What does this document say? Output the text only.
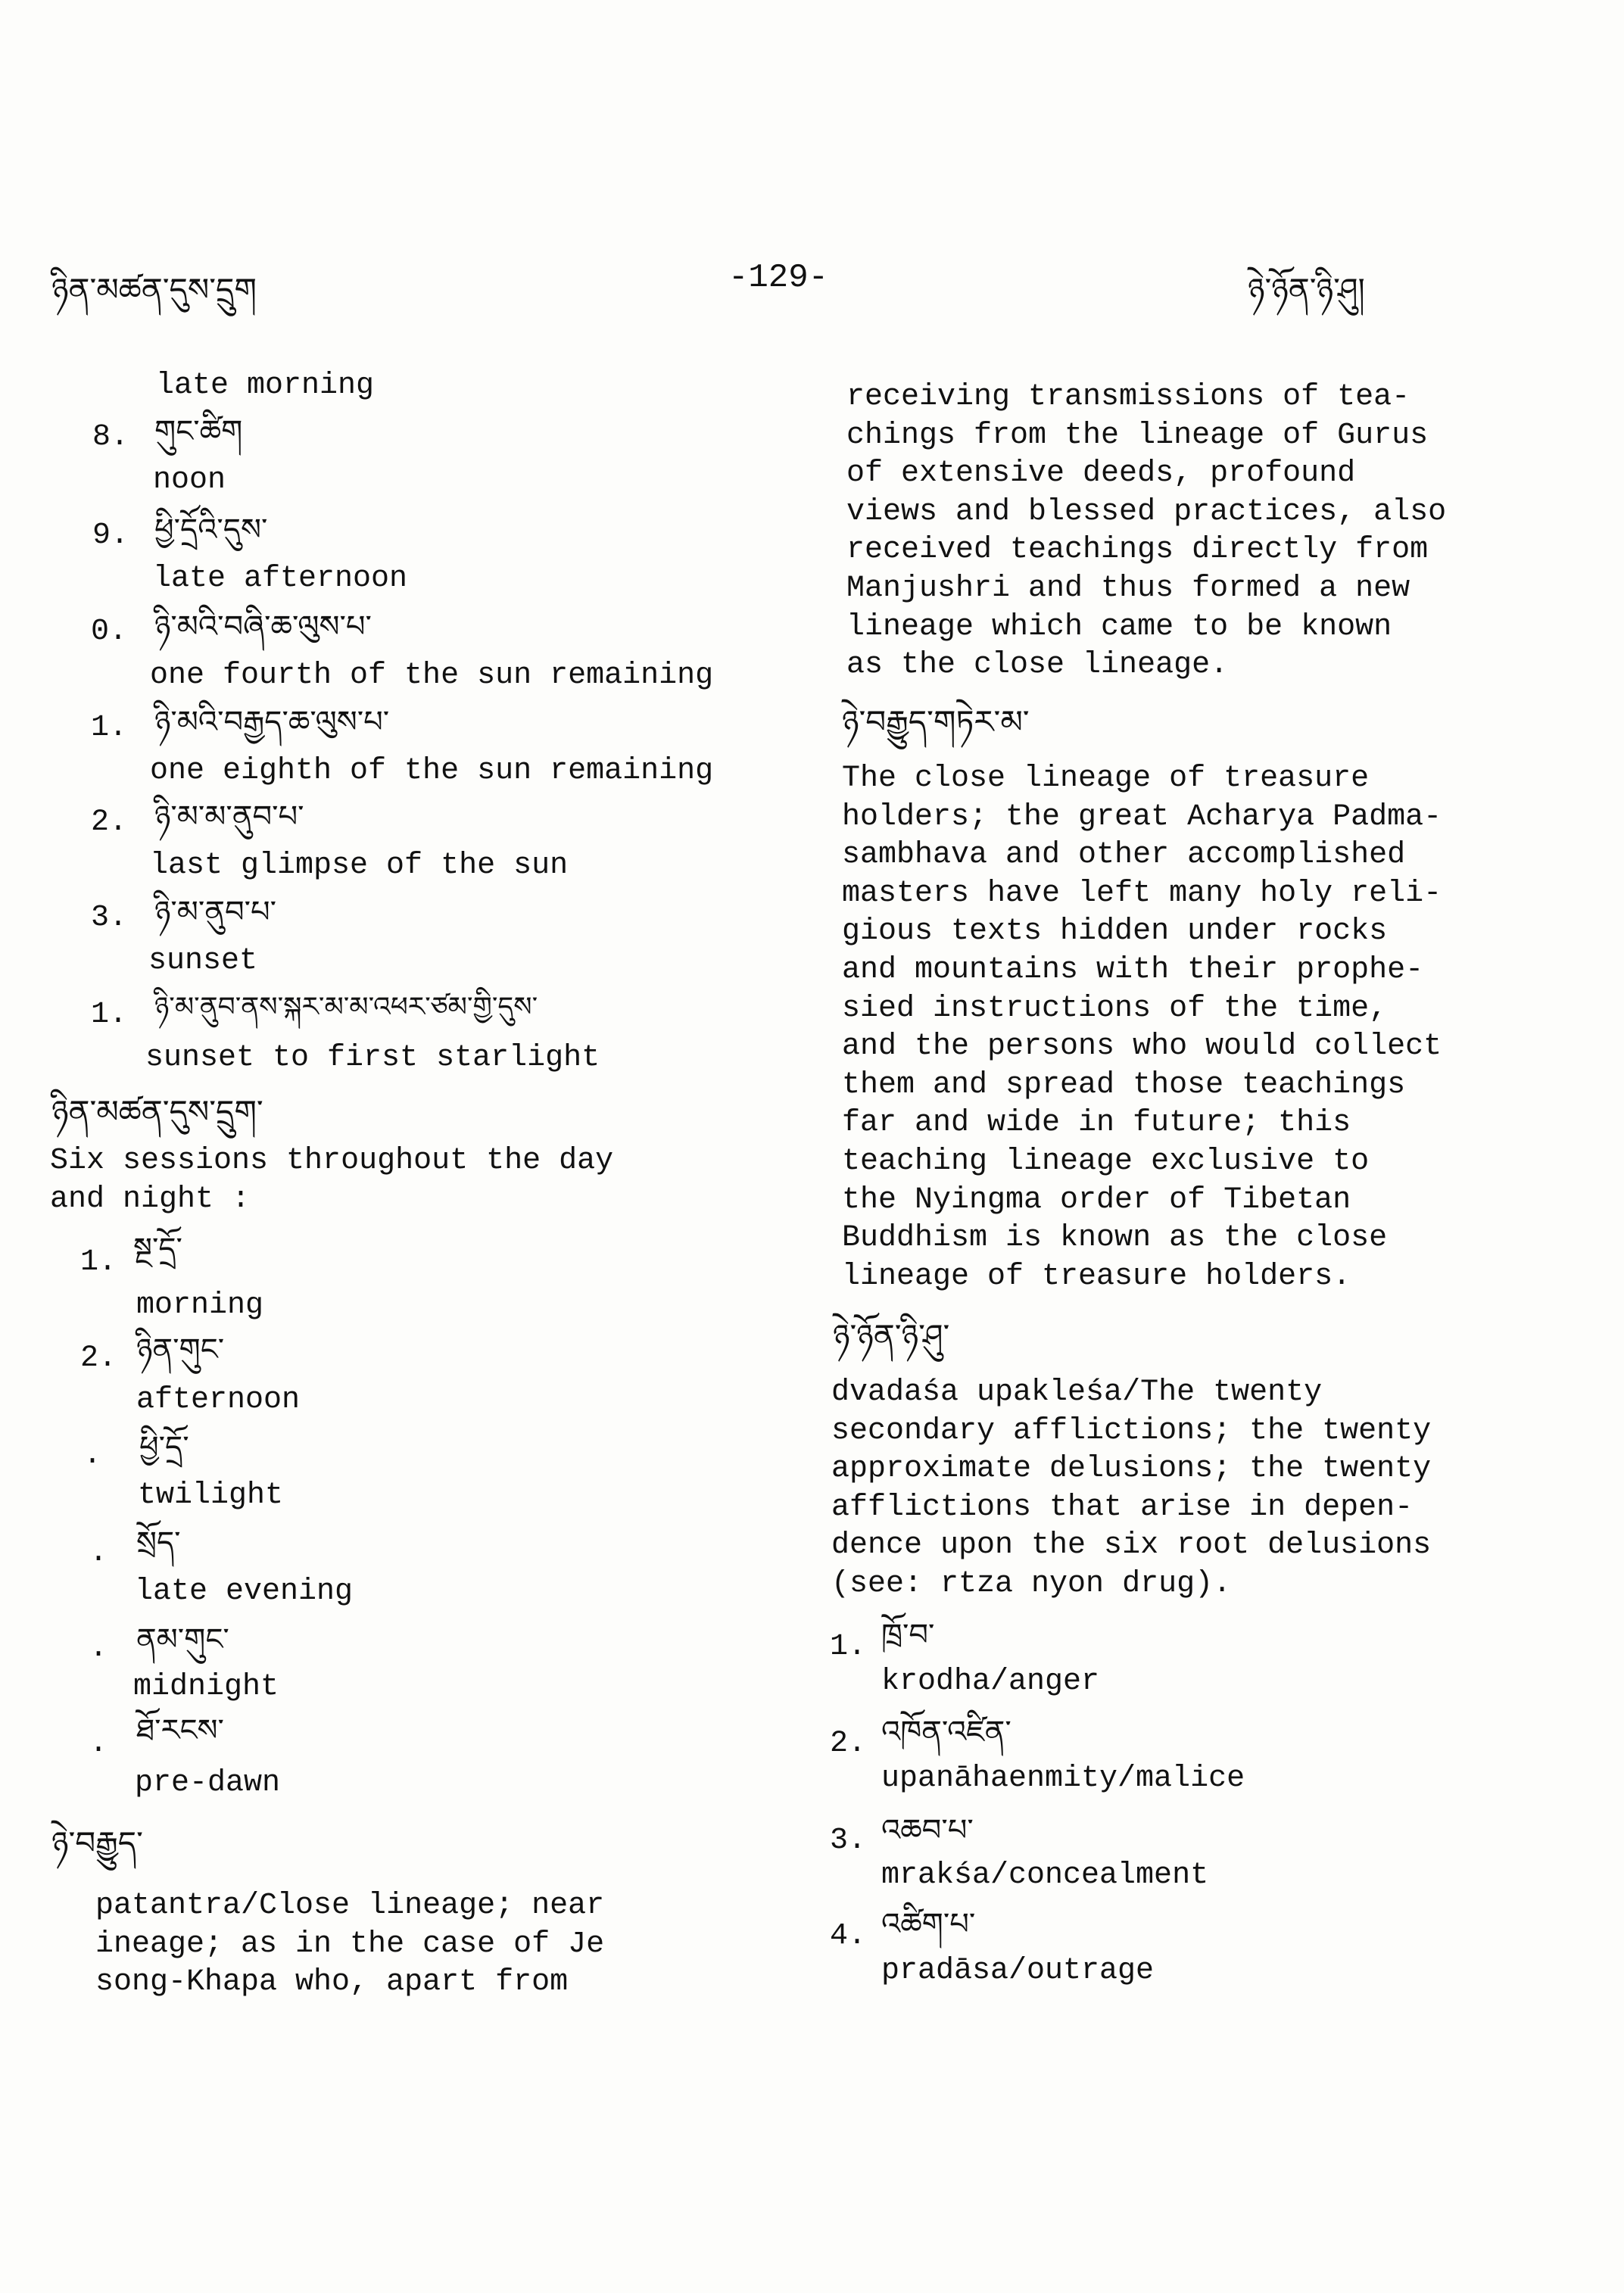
ཉིན་མཚན་དུས་དྲུག	-129-	ཉེ་ཉོན་ཉི་ཤུ།
late morning
8. གུང་ཚིག
noon
9. ཕྱི་དྲོའི་དུས་
late afternoon
0. ཉི་མའི་བཞི་ཆ་ལུས་པ་
one fourth of the sun remaining
1. ཉི་མའི་བརྒྱད་ཆ་ལུས་པ་
one eighth of the sun remaining
2. ཉི་མ་མ་ནུབ་པ་
last glimpse of the sun
3. ཉི་མ་ནུབ་པ་
sunset
1. ཉི་མ་ནུབ་ནས་སྐར་མ་མ་འཕར་ཙམ་གྱི་དུས་
sunset to first starlight
ཉིན་མཚན་དུས་དྲུག་
Six sessions throughout the day
and night :
1. སྔ་དྲོ་
morning
2. ཉིན་གུང་
afternoon
. ཕྱི་དྲོ་
twilight
. སྲོད་
late evening
. ནམ་གུང་
midnight
. ཐོ་རངས་
pre-dawn
ཉེ་བརྒྱུད་
patantra/Close lineage; near
ineage; as in the case of Je
song-Khapa who, apart from
receiving transmissions of tea-
chings from the lineage of Gurus
of extensive deeds, profound
views and blessed practices, also
received teachings directly from
Manjushri and thus formed a new
lineage which came to be known
as the close lineage.
ཉེ་བརྒྱུད་གཏེར་མ་
The close lineage of treasure
holders; the great Acharya Padma-
sambhava and other accomplished
masters have left many holy reli-
gious texts hidden under rocks
and mountains with their prophe-
sied instructions of the time,
and the persons who would collect
them and spread those teachings
far and wide in future; this
teaching lineage exclusive to
the Nyingma order of Tibetan
Buddhism is known as the close
lineage of treasure holders.
ཉེ་ཉོན་ཉི་ཤུ་
dvadaśa upakleśa/The twenty
secondary afflictions; the twenty
approximate delusions; the twenty
afflictions that arise in depen-
dence upon the six root delusions
(see: rtza nyon drug).
1. ཁྲོ་བ་
krodha/anger
2. འཁོན་འཛིན་
upanāhaenmity/malice
3. འཆབ་པ་
mrakśa/concealment
4. འཚིག་པ་
pradāsa/outrage
